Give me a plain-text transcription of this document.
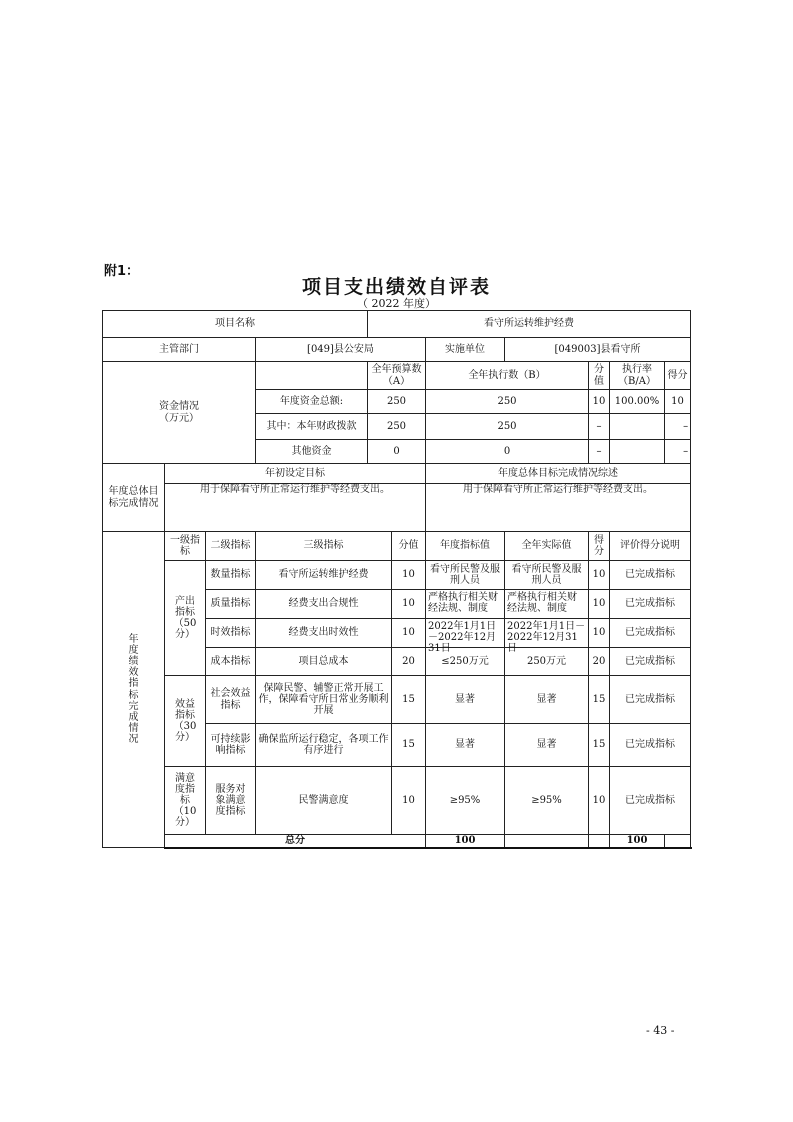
附1：
项目支出绩效自评表
（ 2022 年度）
项目名称				看守所运转维护经费						
主管部门			[049]县公安局			实施单位	[049003]县看守所			
资金情况
（万元）				全年预算数（A）		全年执行数（B）		分值	执行率（B/A）	得分
			年度资金总额:	250		250		10	100.00%	10
			其中：本年财政拨款	250		250		–		–
			其他资金	0		0		–		–
年度总体目标完成情况	年初设定目标					年度总体目标完成情况综述				
	用于保障看守所正常运行维护等经费支出。					用于保障看守所正常运行维护等经费支出。				
年度绩效指标完成情况	一级指标	二级指标	三级指标		分值	年度指标值	全年实际值	得分	评价得分说明	
	产出指标（50分）	数量指标	看守所运转维护经费		10	看守所民警及服刑人员	看守所民警及服刑人员	10	已完成指标	
		质量指标	经费支出合规性		10	严格执行相关财经法规、制度	严格执行相关财经法规、制度	10	已完成指标	
		时效指标	经费支出时效性		10	2022年1月1日－2022年12月31日	2022年1月1日－2022年12月31日	10	已完成指标	
		成本指标	项目总成本		20	≤250万元	250万元	20	已完成指标	
	效益指标（30分）	社会效益指标	保障民警、辅警正常开展工作，保障看守所日常业务顺利开展		15	显著	显著	15	已完成指标	
		可持续影响指标	确保监所运行稳定，各项工作有序进行		15	显著	显著	15	已完成指标	
	满意度指标（10分）	服务对象满意度指标	民警满意度		10	≥95%	≥95%	10	已完成指标	
	总分					100			100	
- 43 -
